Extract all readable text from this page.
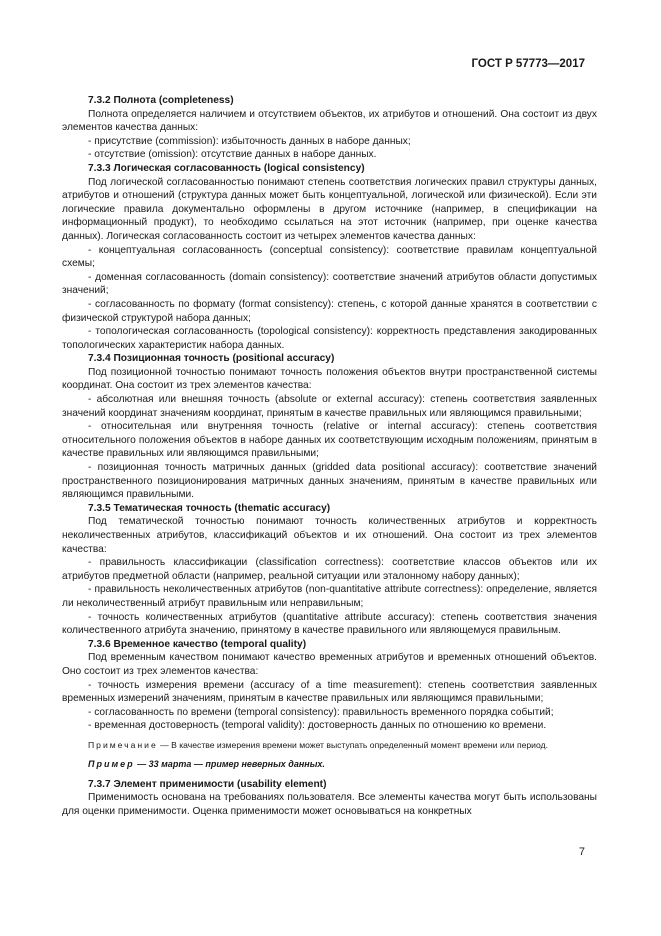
ГОСТ Р 57773—2017

7.3.2 Полнота (completeness)

Полнота определяется наличием и отсутствием объектов, их атрибутов и отношений. Она состоит из двух элементов качества данных:

- присутствие (commission): избыточность данных в наборе данных;

- отсутствие (omission): отсутствие данных в наборе данных.

7.3.3 Логическая согласованность (logical consistency)

Под логической согласованностью понимают степень соответствия логических правил структуры данных, атрибутов и отношений (структура данных может быть концептуальной, логической или физической). Если эти логические правила документально оформлены в другом источнике (например, в спецификации на информационный продукт), то необходимо ссылаться на этот источник (например, при оценке качества данных). Логическая согласованность состоит из четырех элементов качества данных:

- концептуальная согласованность (conceptual consistency): соответствие правилам концептуальной схемы;

- доменная согласованность (domain consistency): соответствие значений атрибутов области допустимых значений;

- согласованность по формату (format consistency): степень, с которой данные хранятся в соответствии с физической структурой набора данных;

- топологическая согласованность (topological consistency): корректность представления закодированных топологических характеристик набора данных.

7.3.4 Позиционная точность (positional accuracy)

Под позиционной точностью понимают точность положения объектов внутри пространственной системы координат. Она состоит из трех элементов качества:

- абсолютная или внешняя точность (absolute or external accuracy): степень соответствия заявленных значений координат значениям координат, принятым в качестве правильных или являющимся правильными;

- относительная или внутренняя точность (relative or internal accuracy): степень соответствия относительного положения объектов в наборе данных их соответствующим исходным положениям, принятым в качестве правильных или являющимся правильными;

- позиционная точность матричных данных (gridded data positional accuracy): соответствие значений пространственного позиционирования матричных данных значениям, принятым в качестве правильных или являющимся правильными.

7.3.5 Тематическая точность (thematic accuracy)

Под тематической точностью понимают точность количественных атрибутов и корректность неколичественных атрибутов, классификаций объектов и их отношений. Она состоит из трех элементов качества:

- правильность классификации (classification correctness): соответствие классов объектов или их атрибутов предметной области (например, реальной ситуации или эталонному набору данных);

- правильность неколичественных атрибутов (non-quantitative attribute correctness): определение, является ли неколичественный атрибут правильным или неправильным;

- точность количественных атрибутов (quantitative attribute accuracy): степень соответствия значения количественного атрибута значению, принятому в качестве правильного или являющемуся правильным.

7.3.6 Временное качество (temporal quality)

Под временным качеством понимают качество временных атрибутов и временных отношений объектов. Оно состоит из трех элементов качества:

- точность измерения времени (accuracy of a time measurement): степень соответствия заявленных временных измерений значениям, принятым в качестве правильных или являющимся правильными;

- согласованность по времени (temporal consistency): правильность временного порядка событий;

- временная достоверность (temporal validity): достоверность данных по отношению ко времени.

Примечание — В качестве измерения времени может выступать определенный момент времени или период.

Пример — 33 марта — пример неверных данных.

7.3.7 Элемент применимости (usability element)

Применимость основана на требованиях пользователя. Все элементы качества могут быть использованы для оценки применимости. Оценка применимости может основываться на конкретных

7
